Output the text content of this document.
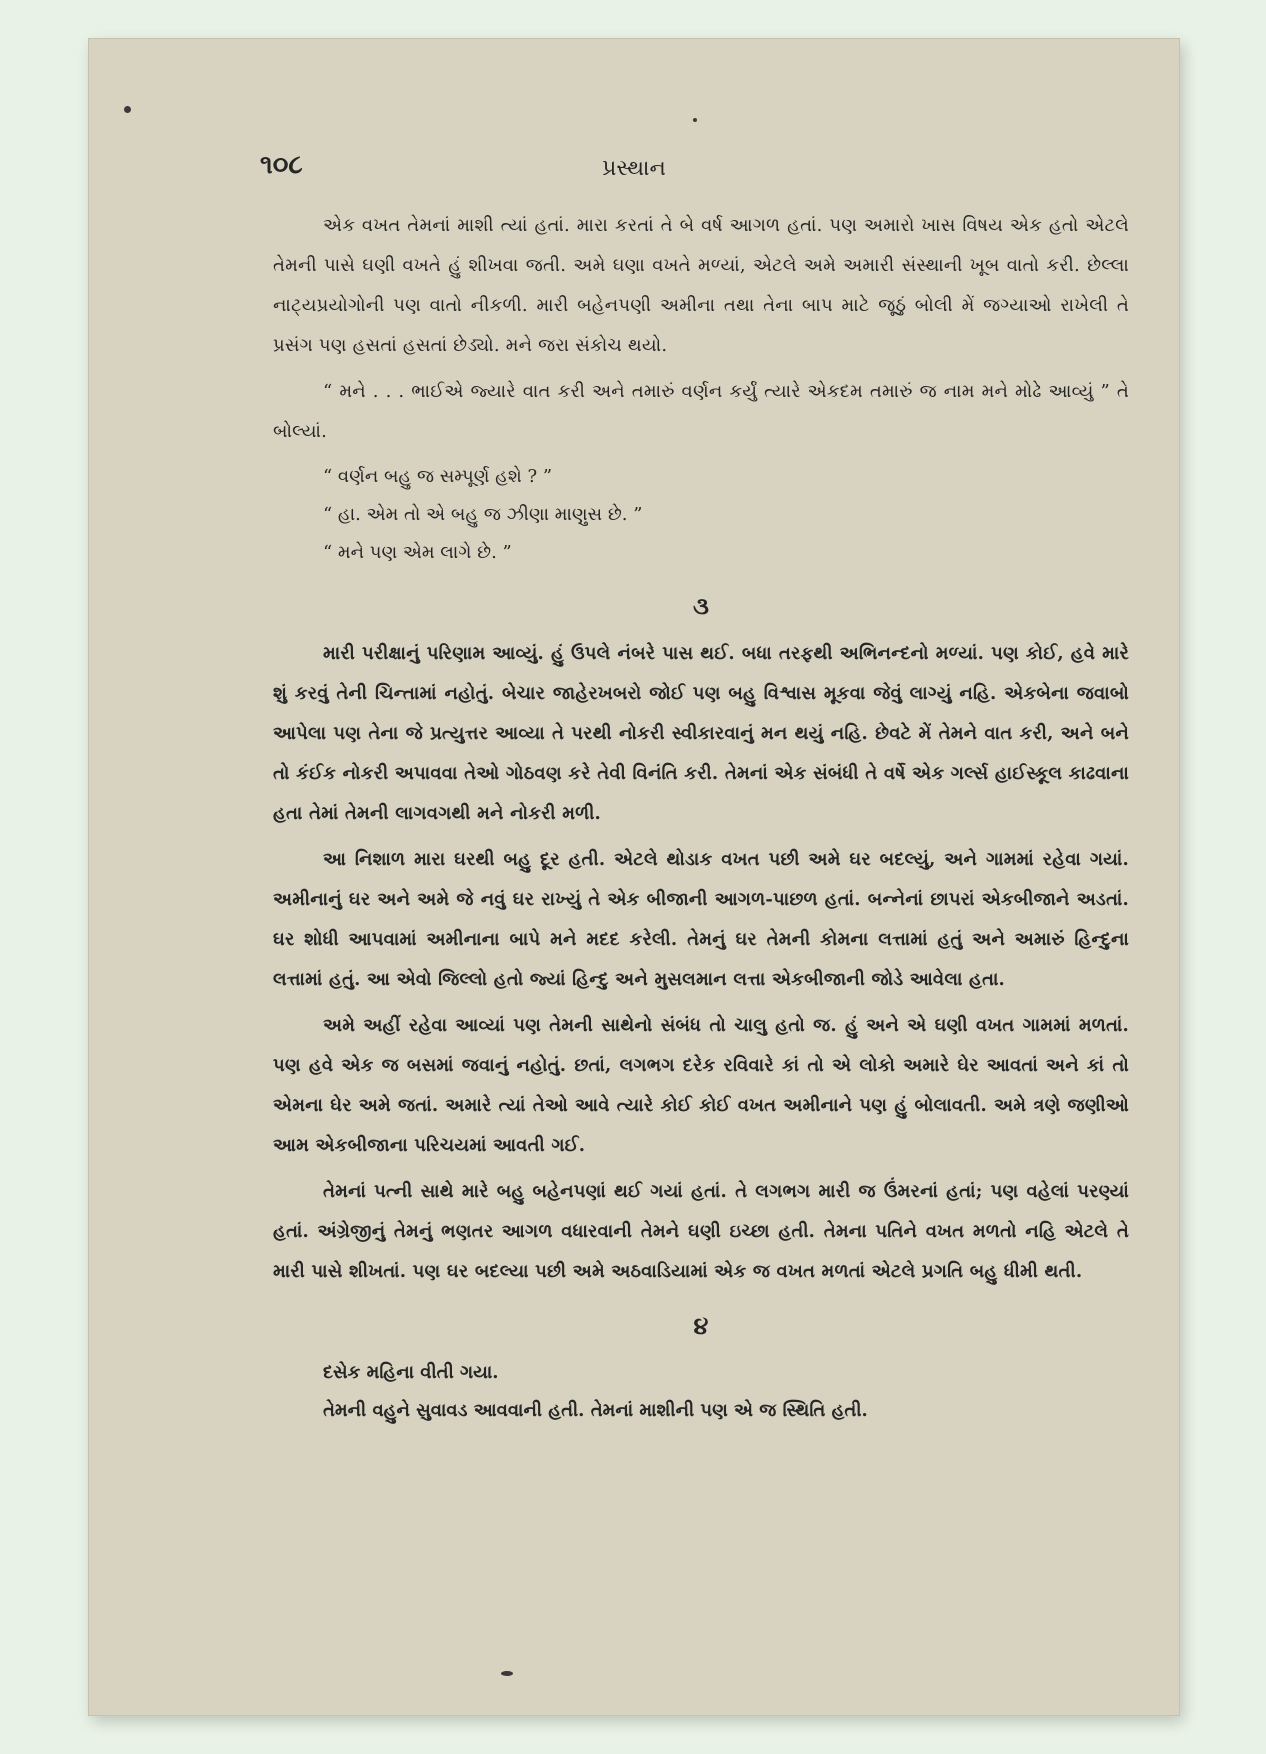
૧૦૮	પ્રસ્થાન

એક વખત તેમનાં માશી ત્યાં હતાં. મારા કરતાં તે બે વર્ષ આગળ હતાં. પણ અમારો ખાસ વિષય એક હતો એટલે તેમની પાસે ઘણી વખતે હું શીખવા જતી. અમે ઘણા વખતે મળ્યાં, એટલે અમે અમારી સંસ્થાની ખૂબ વાતો કરી. છેલ્લા નાટ્યપ્રયોગોની પણ વાતો નીકળી. મારી બહેનપણી અમીના તથા તેના બાપ માટે જૂઠું બોલી મેં જગ્યાઓ રાખેલી તે પ્રસંગ પણ હસતાં હસતાં છેડ્યો. મને જરા સંકોચ થયો.

“ મને . . . ભાઈએ જ્યારે વાત કરી અને તમારું વર્ણન કર્યું ત્યારે એકદમ તમારું જ નામ મને મોઢે આવ્યું ” તે બોલ્યાં.

“ વર્ણન બહુ જ સમ્પૂર્ણ હશે ? ”

“ હા. એમ તો એ બહુ જ ઝીણા માણુસ છે. ”

“ મને પણ એમ લાગે છે. ”

૩

મારી પરીક્ષાનું પરિણામ આવ્યું. હું ઉપલે નંબરે પાસ થઈ. બધા તરફથી અભિનન્દનો મળ્યાં. પણ કોઈ, હવે મારે શું કરવું તેની ચિન્તામાં નહોતું. બેચાર જાહેરખબરો જોઈ પણ બહુ વિશ્વાસ મૂકવા જેવું લાગ્યું નહિ. એકબેના જવાબો આપેલા પણ તેના જે પ્રત્યુત્તર આવ્યા તે પરથી નોકરી સ્વીકારવાનું મન થયું નહિ. છેવટે મેં તેમને વાત કરી, અને બને તો કંઈક નોકરી અપાવવા તેઓ ગોઠવણ કરે તેવી વિનંતિ કરી. તેમનાં એક સંબંધી તે વર્ષે એક ગર્લ્સ હાઈસ્કૂલ કાઢવાના હતા તેમાં તેમની લાગવગથી મને નોકરી મળી.

આ નિશાળ મારા ઘરથી બહુ દૂર હતી. એટલે થોડાક વખત પછી અમે ઘર બદલ્યું, અને ગામમાં રહેવા ગયાં. અમીનાનું ઘર અને અમે જે નવું ઘર રાખ્યું તે એક બીજાની આગળ-પાછળ હતાં. બન્નેનાં છાપરાં એકબીજાને અડતાં. ઘર શોધી આપવામાં અમીનાના બાપે મને મદદ કરેલી. તેમનું ઘર તેમની કોમના લત્તામાં હતું અને અમારું હિન્દુના લત્તામાં હતું. આ એવો જિલ્લો હતો જ્યાં હિન્દુ અને મુસલમાન લત્તા એકબીજાની જોડે આવેલા હતા.

અમે અહીં રહેવા આવ્યાં પણ તેમની સાથેનો સંબંધ તો ચાલુ હતો જ. હું અને એ ઘણી વખત ગામમાં મળતાં. પણ હવે એક જ બસમાં જવાનું નહોતું. છતાં, લગભગ દરેક રવિવારે કાં તો એ લોકો અમારે ઘેર આવતાં અને કાં તો એમના ઘેર અમે જતાં. અમારે ત્યાં તેઓ આવે ત્યારે કોઈ કોઈ વખત અમીનાને પણ હું બોલાવતી. અમે ત્રણે જણીઓ આમ એકબીજાના પરિચયમાં આવતી ગઈ.

તેમનાં પત્ની સાથે મારે બહુ બહેનપણાં થઈ ગયાં હતાં. તે લગભગ મારી જ ઉંમરનાં હતાં; પણ વહેલાં પરણ્યાં હતાં. અંગ્રેજીનું તેમનું ભણતર આગળ વધારવાની તેમને ઘણી ઇચ્છા હતી. તેમના પતિને વખત મળતો નહિ એટલે તે મારી પાસે શીખતાં. પણ ઘર બદલ્યા પછી અમે અઠવાડિયામાં એક જ વખત મળતાં એટલે પ્રગતિ બહુ ધીમી થતી.

૪

દસેક મહિના વીતી ગયા.

તેમની વહુને સુવાવડ આવવાની હતી. તેમનાં માશીની પણ એ જ સ્થિતિ હતી.
